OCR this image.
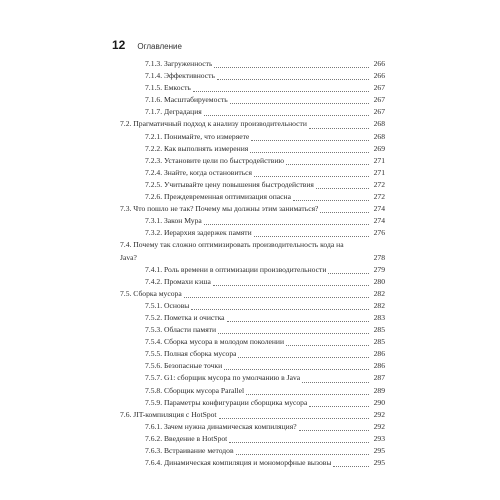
12 Оглавление
7.1.3. Загруженность	266
7.1.4. Эффективность	266
7.1.5. Емкость	267
7.1.6. Масштабируемость	267
7.1.7. Деградация	267
7.2. Прагматичный подход к анализу производительности	268
7.2.1. Понимайте, что измеряете	268
7.2.2. Как выполнять измерения	269
7.2.3. Установите цели по быстродействию	271
7.2.4. Знайте, когда остановиться	271
7.2.5. Учитывайте цену повышения быстродействия	272
7.2.6. Преждевременная оптимизация опасна	272
7.3. Что пошло не так? Почему мы должны этим заниматься?	274
7.3.1. Закон Мура	274
7.3.2. Иерархия задержек памяти	276
7.4. Почему так сложно оптимизировать производительность кода на Java?	278
7.4.1. Роль времени в оптимизации производительности	279
7.4.2. Промахи кэша	280
7.5. Сборка мусора	282
7.5.1. Основы	282
7.5.2. Пометка и очистка	283
7.5.3. Области памяти	285
7.5.4. Сборка мусора в молодом поколении	285
7.5.5. Полная сборка мусора	286
7.5.6. Безопасные точки	286
7.5.7. G1: сборщик мусора по умолчанию в Java	287
7.5.8. Сборщик мусора Parallel	289
7.5.9. Параметры конфигурации сборщика мусора	290
7.6. JIT-компиляция с HotSpot	292
7.6.1. Зачем нужна динамическая компиляция?	292
7.6.2. Введение в HotSpot	293
7.6.3. Встраивание методов	295
7.6.4. Динамическая компиляция и мономорфные вызовы	295
